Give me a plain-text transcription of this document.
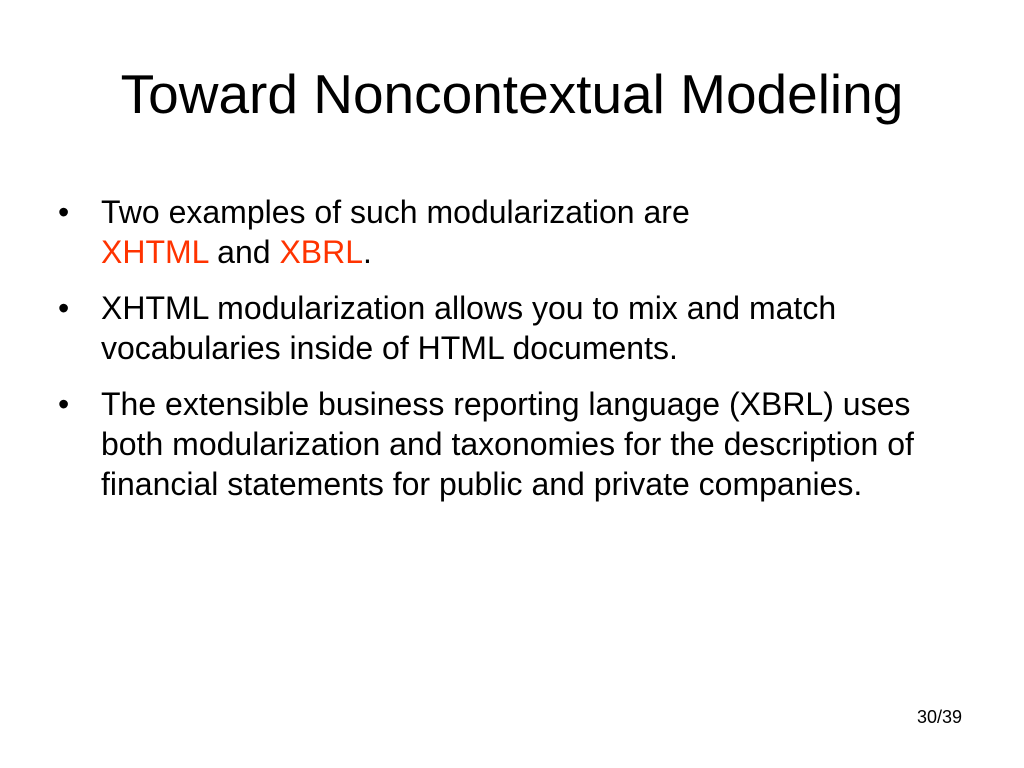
Toward Noncontextual Modeling
• Two examples of such modularization are
XHTML and XBRL.
• XHTML modularization allows you to mix and match vocabularies inside of HTML documents.
• The extensible business reporting language (XBRL) uses both modularization and taxonomies for the description of financial statements for public and private companies.
30/39
